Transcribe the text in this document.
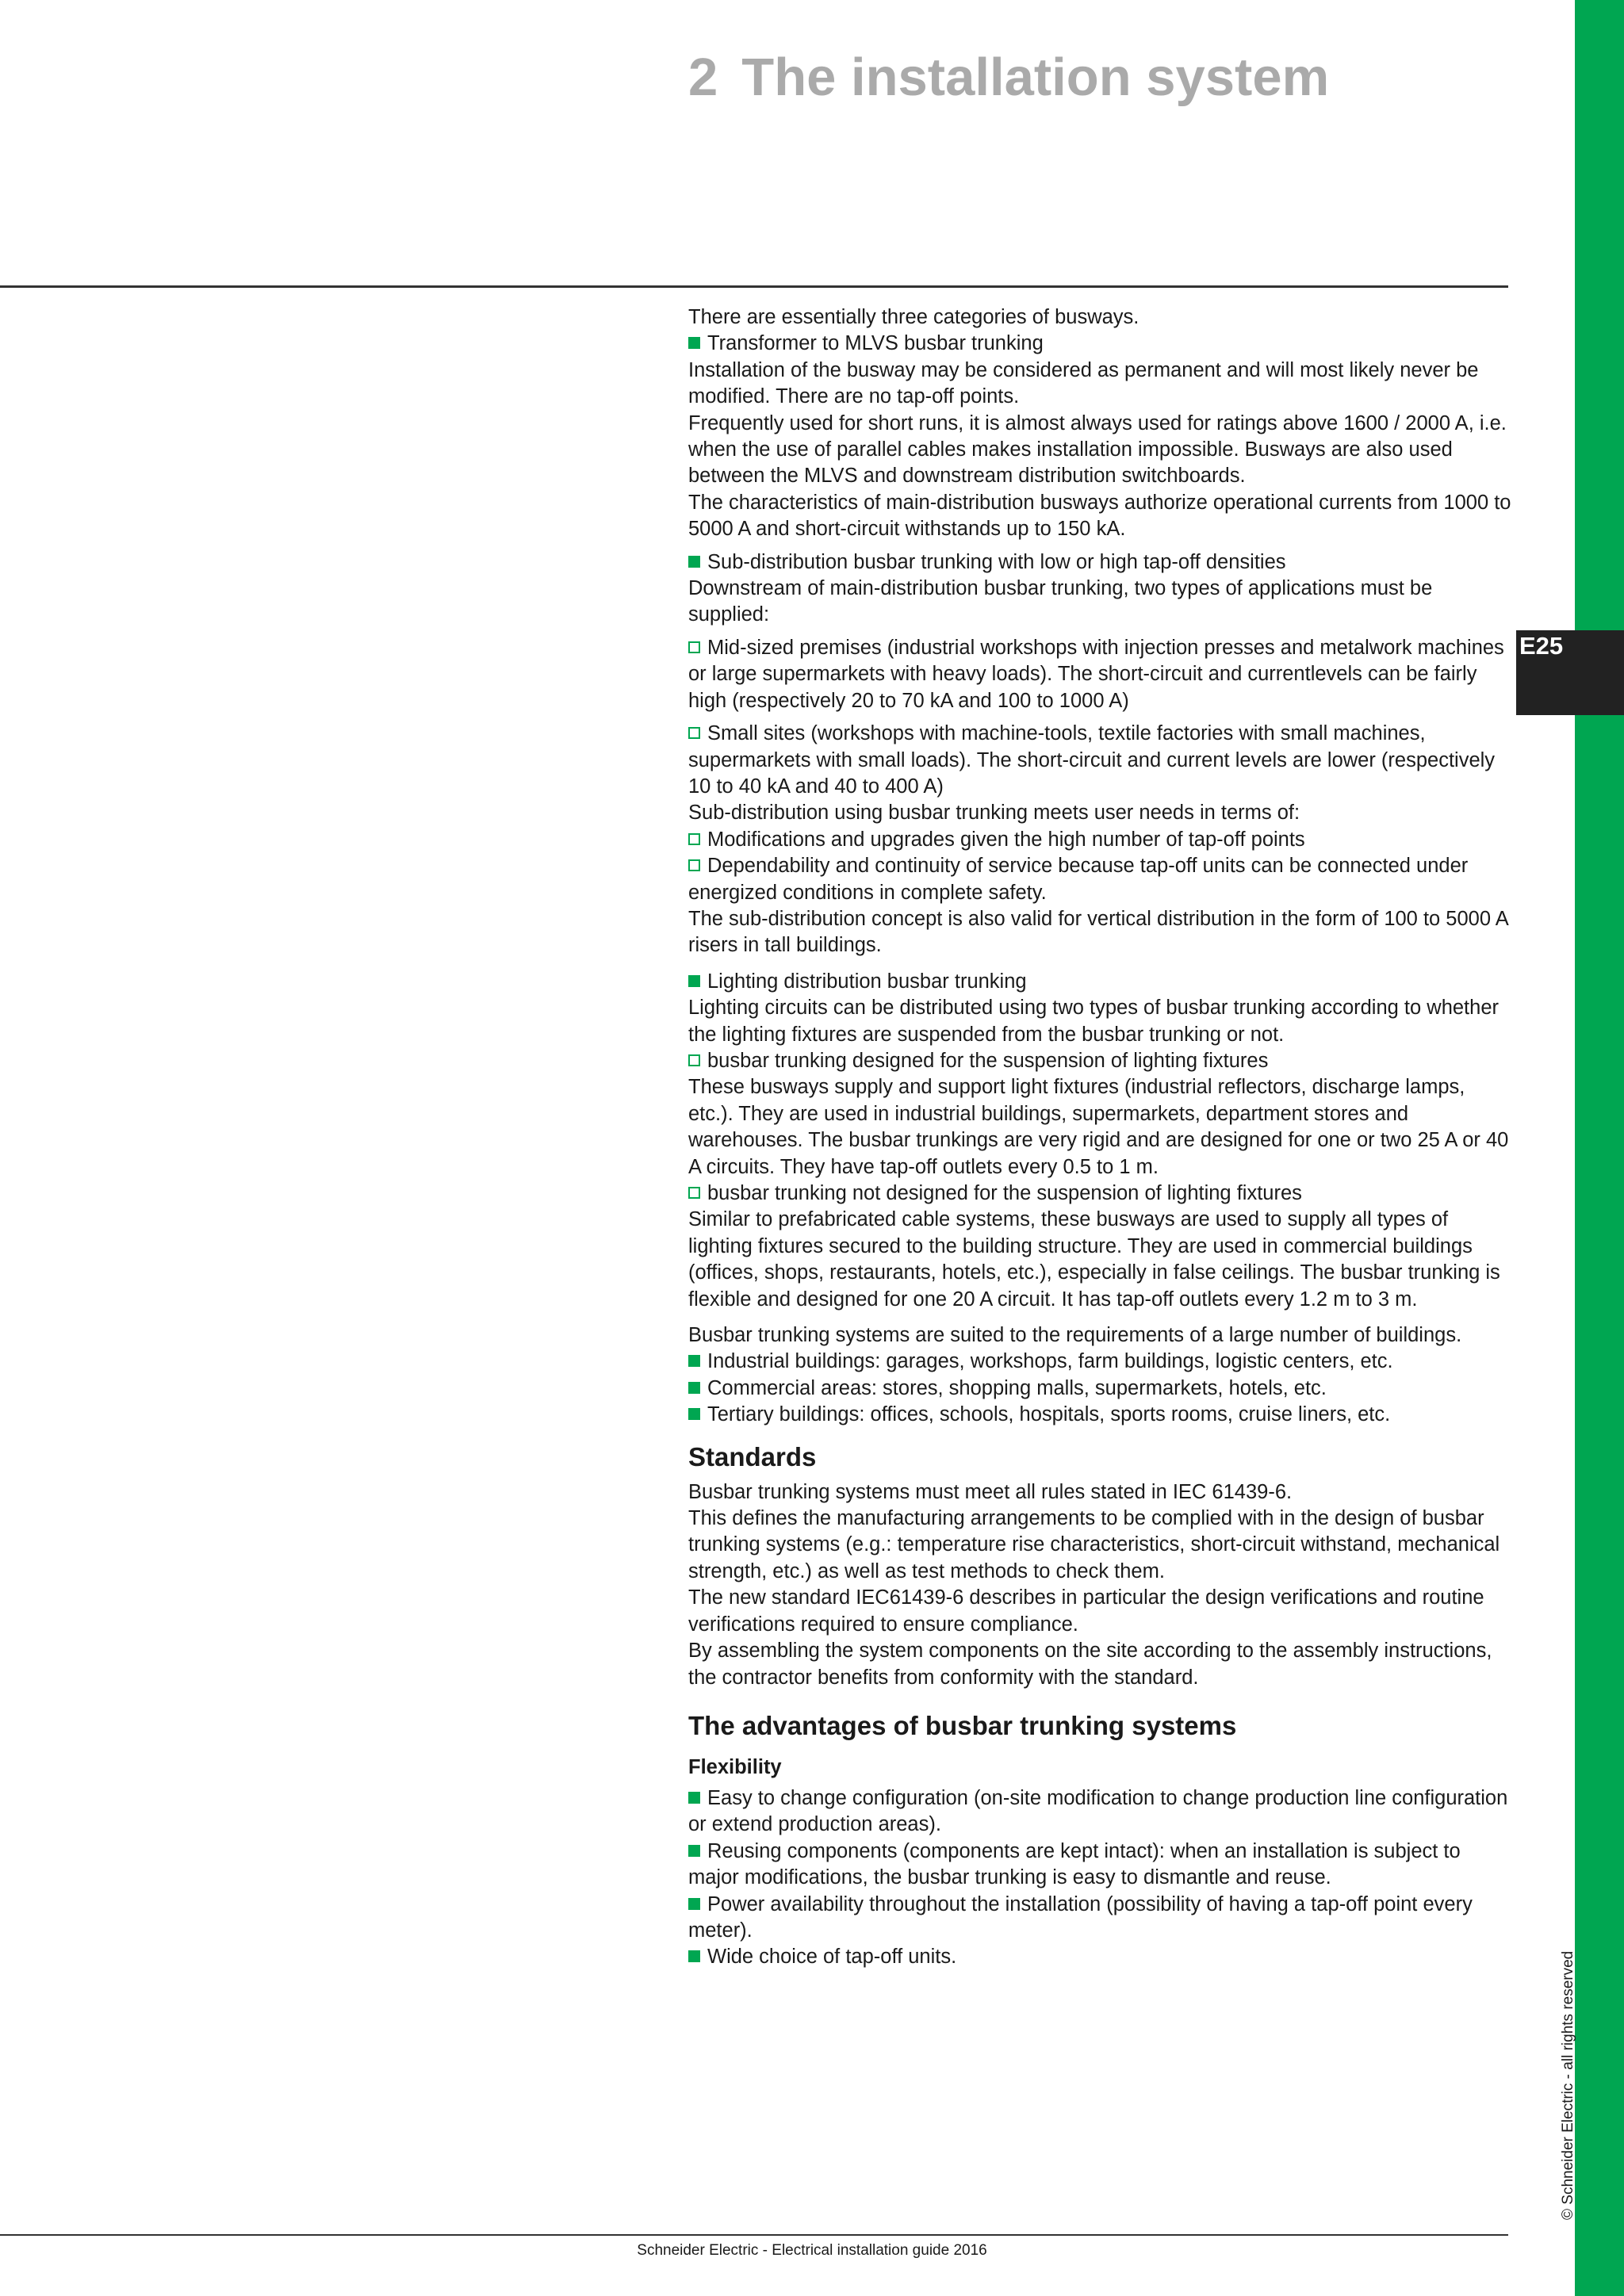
E25
2 The installation system

There are essentially three categories of busways.

Transformer to MLVS busbar trunking

Installation of the busway may be considered as permanent and will most likely never be modified. There are no tap-off points.

Frequently used for short runs, it is almost always used for ratings above 1600 / 2000 A, i.e. when the use of parallel cables makes installation impossible. Busways are also used between the MLVS and downstream distribution switchboards.

The characteristics of main-distribution busways authorize operational currents from 1000 to 5000 A and short-circuit withstands up to 150 kA.

Sub-distribution busbar trunking with low or high tap-off densities

Downstream of main-distribution busbar trunking, two types of applications must be supplied:

Mid-sized premises (industrial workshops with injection presses and metalwork machines or large supermarkets with heavy loads). The short-circuit and currentlevels can be fairly high (respectively 20 to 70 kA and 100 to 1000 A)

Small sites (workshops with machine-tools, textile factories with small machines, supermarkets with small loads). The short-circuit and current levels are lower (respectively 10 to 40 kA and 40 to 400 A)

Sub-distribution using busbar trunking meets user needs in terms of:

Modifications and upgrades given the high number of tap-off points

Dependability and continuity of service because tap-off units can be connected under energized conditions in complete safety.

The sub-distribution concept is also valid for vertical distribution in the form of 100 to 5000 A risers in tall buildings.

Lighting distribution busbar trunking

Lighting circuits can be distributed using two types of busbar trunking according to whether the lighting fixtures are suspended from the busbar trunking or not.

busbar trunking designed for the suspension of lighting fixtures

These busways supply and support light fixtures (industrial reflectors, discharge lamps, etc.). They are used in industrial buildings, supermarkets, department stores and warehouses. The busbar trunkings are very rigid and are designed for one or two 25 A or 40 A circuits. They have tap-off outlets every 0.5 to 1 m.

busbar trunking not designed for the suspension of lighting fixtures

Similar to prefabricated cable systems, these busways are used to supply all types of lighting fixtures secured to the building structure. They are used in commercial buildings (offices, shops, restaurants, hotels, etc.), especially in false ceilings. The busbar trunking is flexible and designed for one 20 A circuit. It has tap-off outlets every 1.2 m to 3 m.

Busbar trunking systems are suited to the requirements of a large number of buildings.

Industrial buildings: garages, workshops, farm buildings, logistic centers, etc.

Commercial areas: stores, shopping malls, supermarkets, hotels, etc.

Tertiary buildings: offices, schools, hospitals, sports rooms, cruise liners, etc.

Standards

Busbar trunking systems must meet all rules stated in IEC 61439-6.

This defines the manufacturing arrangements to be complied with in the design of busbar trunking systems (e.g.: temperature rise characteristics, short-circuit withstand, mechanical strength, etc.) as well as test methods to check them.

The new standard IEC61439-6 describes in particular the design verifications and routine verifications required to ensure compliance.

By assembling the system components on the site according to the assembly instructions, the contractor benefits from conformity with the standard.

The advantages of busbar trunking systems
Flexibility

Easy to change configuration (on-site modification to change production line configuration or extend production areas).

Reusing components (components are kept intact): when an installation is subject to major modifications, the busbar trunking is easy to dismantle and reuse.

Power availability throughout the installation (possibility of having a tap-off point every meter).

Wide choice of tap-off units.	© Schneider Electric - all rights reserved
Schneider Electric - Electrical installation guide 2016
